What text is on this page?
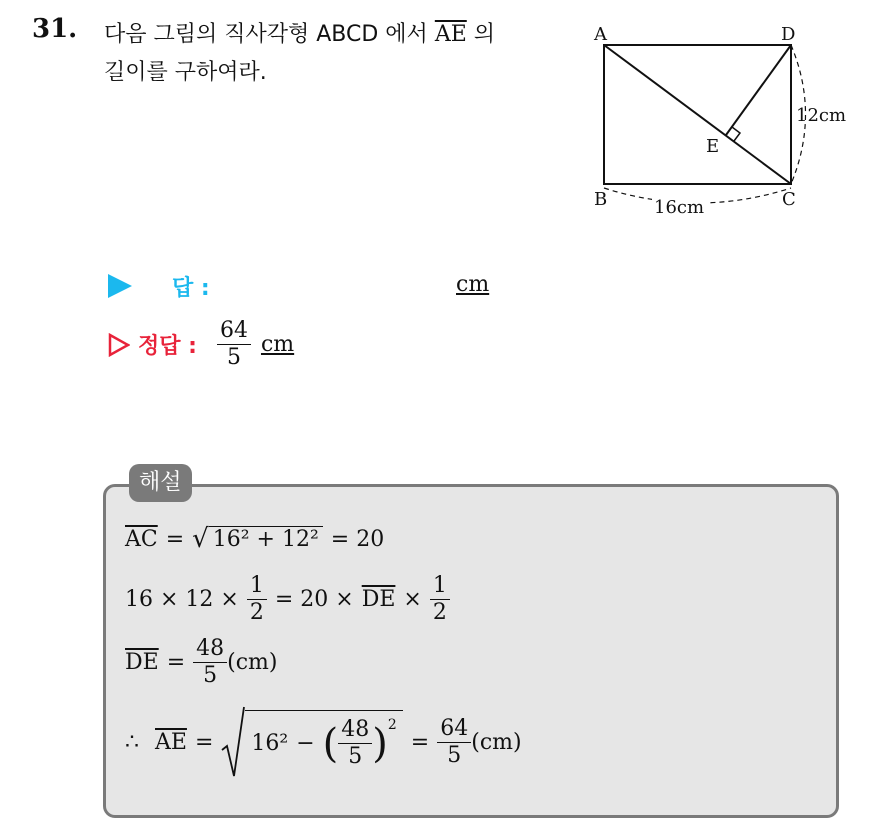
31. 다음 그림의 직사각형 ABCD 에서 $\overline{AE}$ 의
길이를 구하여라.
A	D
B	C
E
12cm
16cm
답 :	cm
정답 : $\frac{64}{5}$ cm
해설
$\overline{AC}$ = √ 16² + 12² = 20
$16 \times 12 \times \frac{1}{2} = 20 \times \overline{DE} \times \frac{1}{2}$
$\overline{DE} = \frac{48}{5} (cm)$
∴ $\overline{AE} = 16^2$ − ( $\frac{48}{5}$ ) 2
= $\frac{64}{5} (cm)$
